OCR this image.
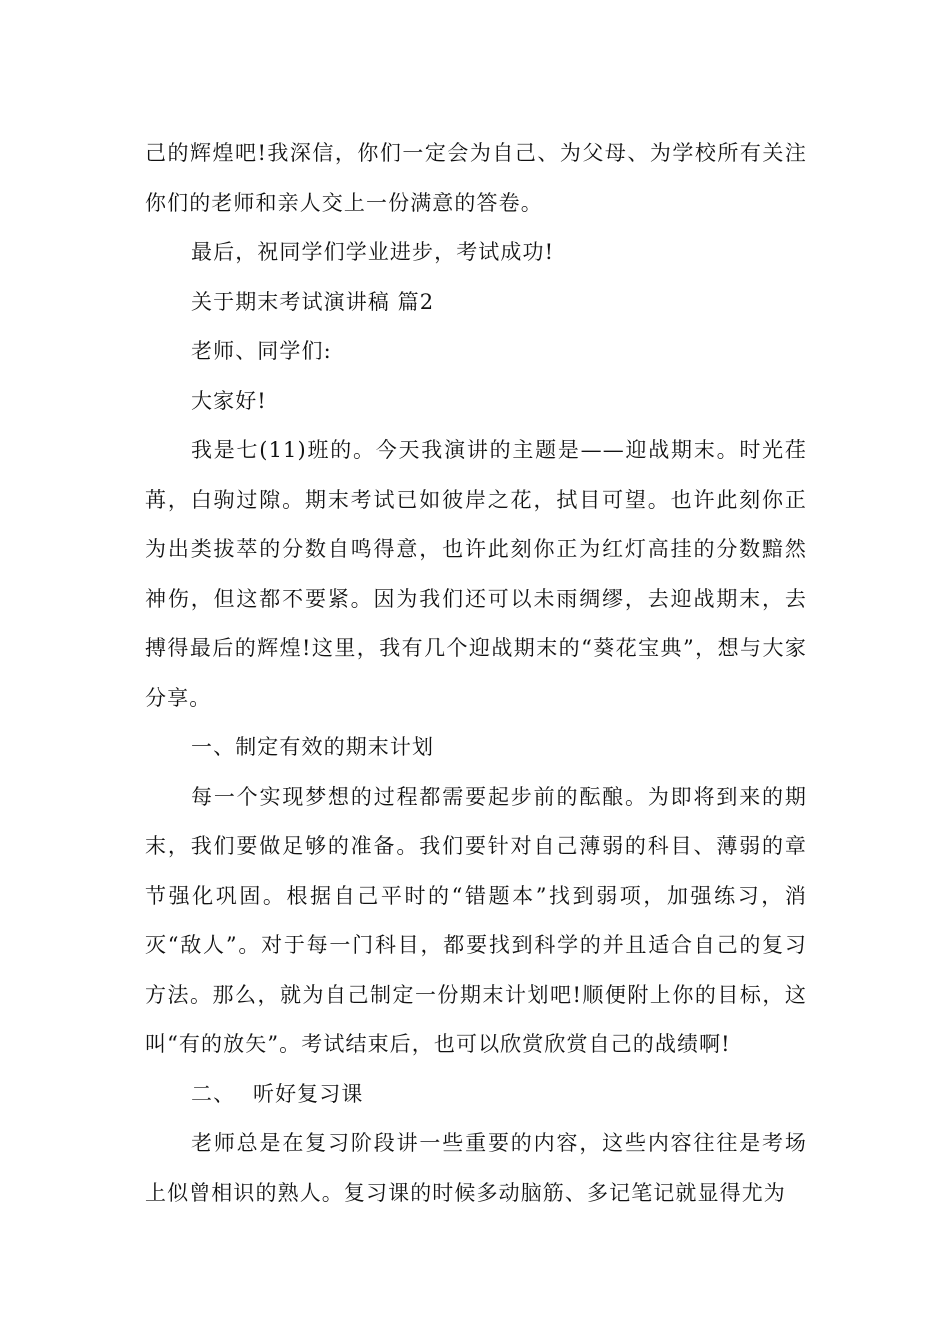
己的辉煌吧!我深信，你们一定会为自己、为父母、为学校所有关注你们的老师和亲人交上一份满意的答卷。

最后，祝同学们学业进步，考试成功!

关于期末考试演讲稿 篇2

老师、同学们:

大家好!

我是七(11)班的。今天我演讲的主题是——迎战期末。时光荏苒，白驹过隙。期末考试已如彼岸之花，拭目可望。也许此刻你正为出类拔萃的分数自鸣得意，也许此刻你正为红灯高挂的分数黯然神伤，但这都不要紧。因为我们还可以未雨绸缪，去迎战期末，去搏得最后的辉煌!这里，我有几个迎战期末的“葵花宝典”，想与大家分享。

一、制定有效的期末计划

每一个实现梦想的过程都需要起步前的酝酿。为即将到来的期末，我们要做足够的准备。我们要针对自己薄弱的科目、薄弱的章节强化巩固。根据自己平时的“错题本”找到弱项，加强练习，消灭“敌人”。对于每一门科目，都要找到科学的并且适合自己的复习方法。那么，就为自己制定一份期末计划吧!顺便附上你的目标，这叫“有的放矢”。考试结束后，也可以欣赏欣赏自己的战绩啊!

二、 听好复习课

老师总是在复习阶段讲一些重要的内容，这些内容往往是考场上似曾相识的熟人。复习课的时候多动脑筋、多记笔记就显得尤为
